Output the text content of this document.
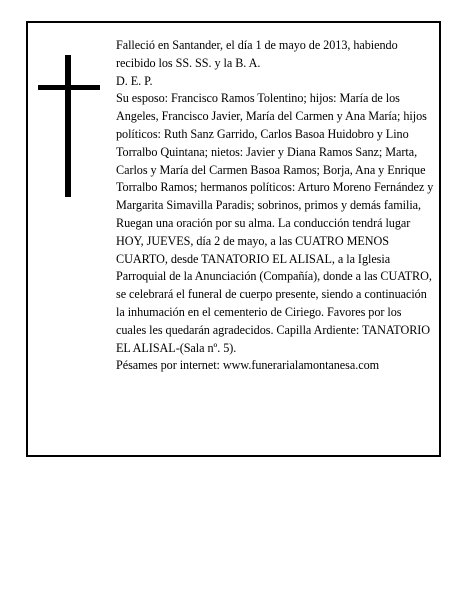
Falleció en Santander, el día 1 de mayo de 2013, habiendo recibido los SS. SS. y la B. A.

D. E. P.

Su esposo: Francisco Ramos Tolentino; hijos: María de los Angeles, Francisco Javier, María del Carmen y Ana María; hijos políticos: Ruth Sanz Garrido, Carlos Basoa Huidobro y Lino Torralbo Quintana; nietos: Javier y Diana Ramos Sanz; Marta, Carlos y María del Carmen Basoa Ramos; Borja, Ana y Enrique Torralbo Ramos; hermanos políticos: Arturo Moreno Fernández y Margarita Simavilla Paradis; sobrinos, primos y demás familia,

Ruegan una oración por su alma. La conducción tendrá lugar HOY, JUEVES, día 2 de mayo, a las CUATRO MENOS CUARTO, desde TANATORIO EL ALISAL, a la Iglesia Parroquial de la Anunciación (Compañía), donde a las CUATRO, se celebrará el funeral de cuerpo presente, siendo a continuación la inhumación en el cementerio de Ciriego. Favores por los cuales les quedarán agradecidos. Capilla Ardiente: TANATORIO EL ALISAL-(Sala nº. 5).

Pésames por internet: www.funerarialamontanesa.com
